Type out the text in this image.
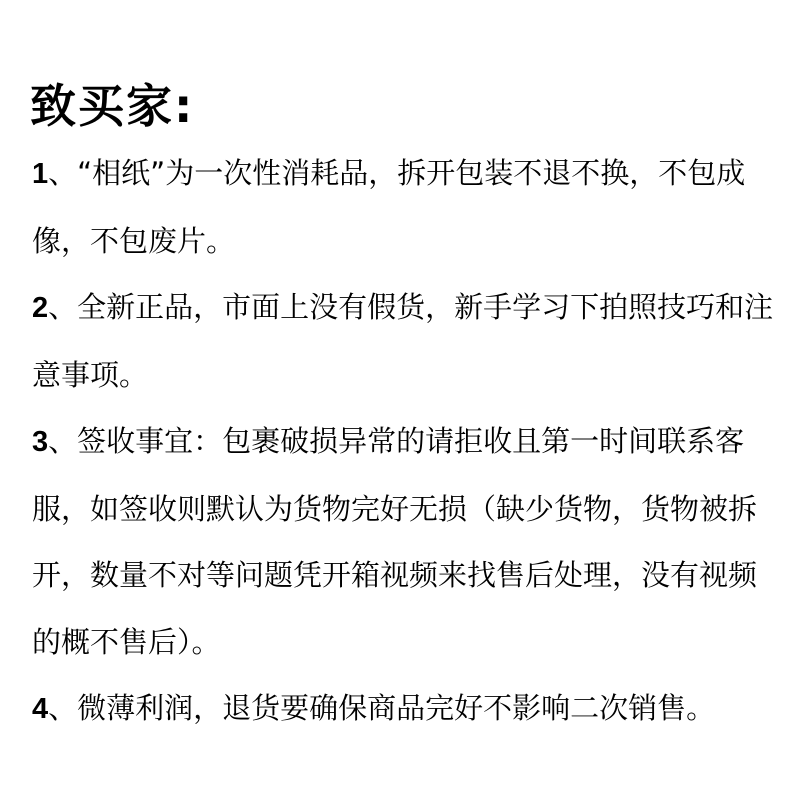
致买家:
1、“相纸”为一次性消耗品，拆开包装不退不换，不包成像，不包废片。
2、全新正品，市面上没有假货，新手学习下拍照技巧和注意事项。
3、签收事宜：包裹破损异常的请拒收且第一时间联系客服，如签收则默认为货物完好无损（缺少货物，货物被拆开，数量不对等问题凭开箱视频来找售后处理，没有视频的概不售后）。
4、微薄利润，退货要确保商品完好不影响二次销售。
